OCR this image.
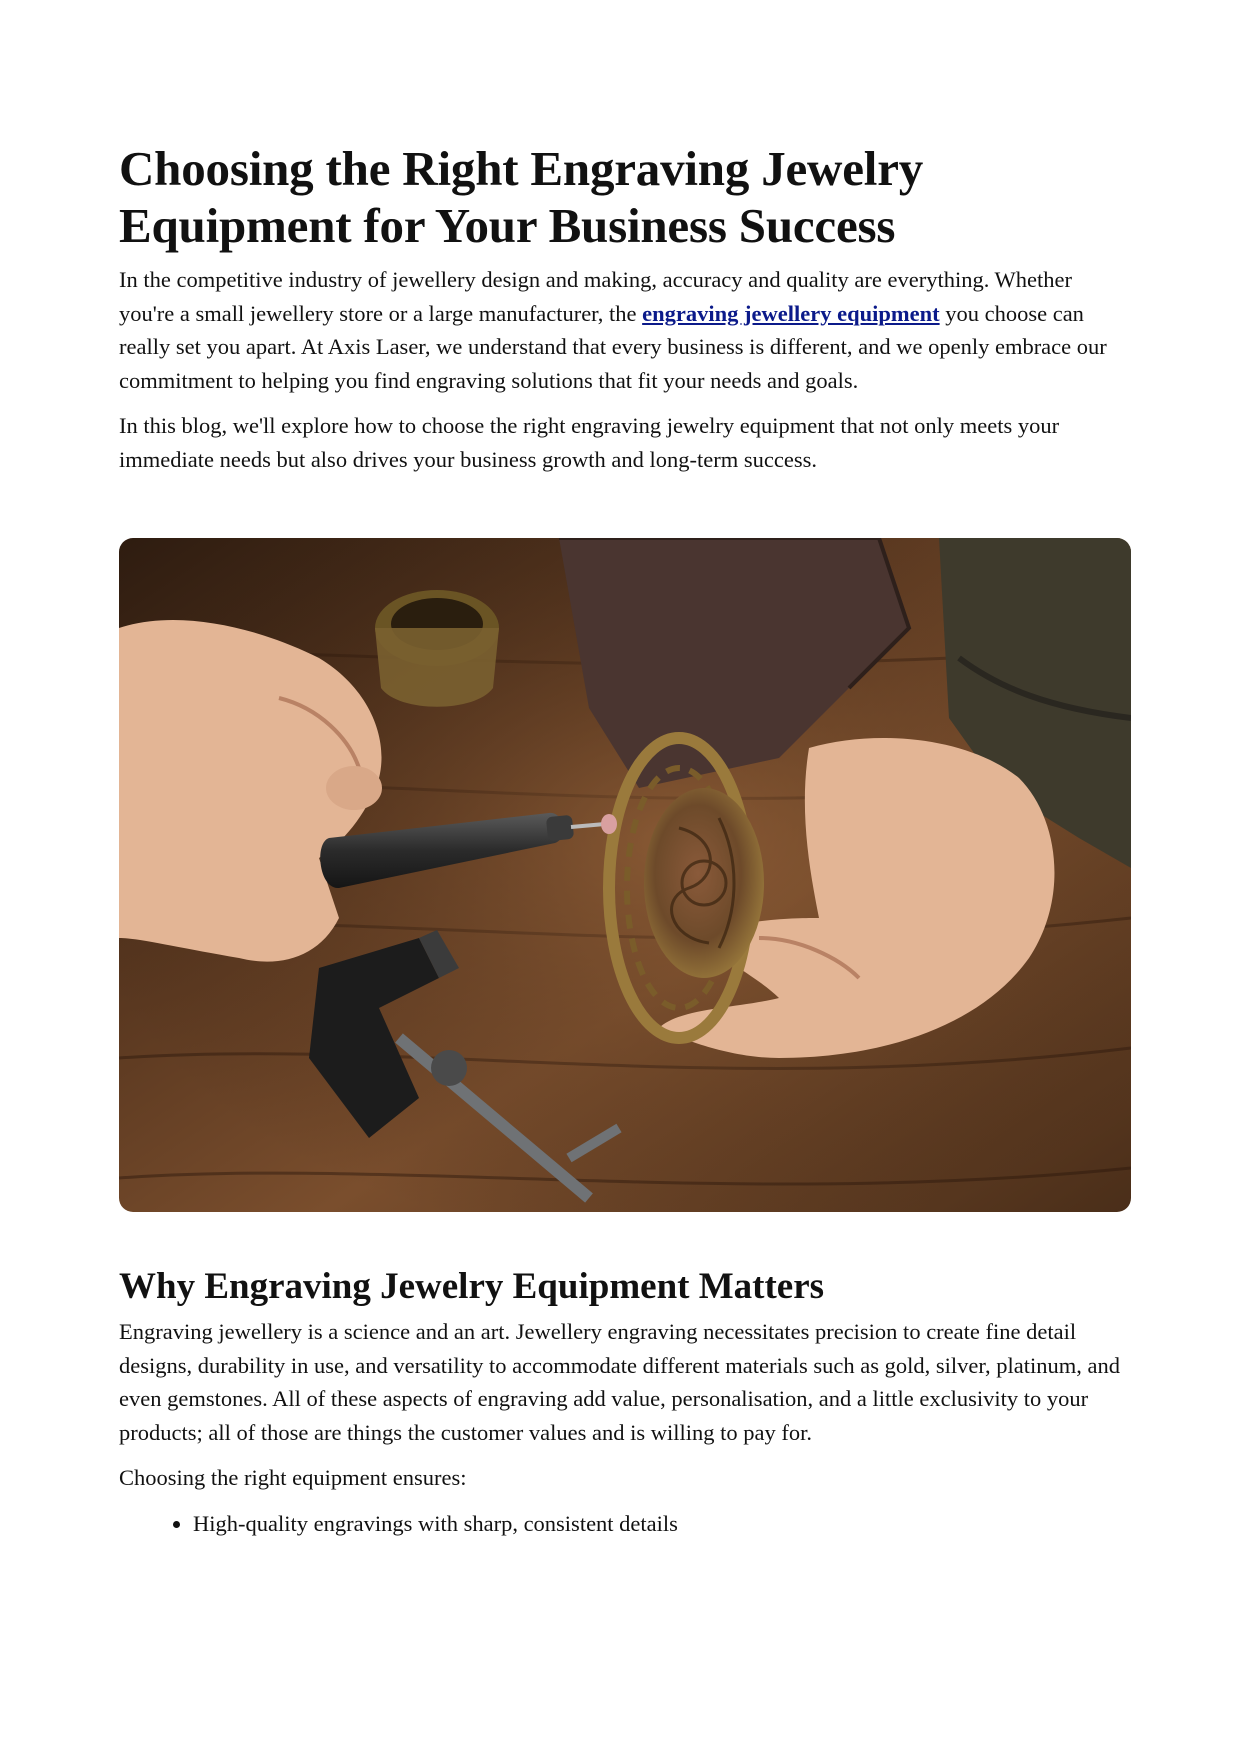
Choosing the Right Engraving Jewelry
Equipment for Your Business Success

In the competitive industry of jewellery design and making, accuracy and quality are everything. Whether you're a small jewellery store or a large manufacturer, the engraving jewellery equipment you choose can really set you apart. At Axis Laser, we understand that every business is different, and we openly embrace our commitment to helping you find engraving solutions that fit your needs and goals.

In this blog, we'll explore how to choose the right engraving jewelry equipment that not only meets your immediate needs but also drives your business growth and long-term success.

Why Engraving Jewelry Equipment Matters

Engraving jewellery is a science and an art. Jewellery engraving necessitates precision to create fine detail designs, durability in use, and versatility to accommodate different materials such as gold, silver, platinum, and even gemstones. All of these aspects of engraving add value, personalisation, and a little exclusivity to your products; all of those are things the customer values and is willing to pay for.

Choosing the right equipment ensures:

• High-quality engravings with sharp, consistent details
